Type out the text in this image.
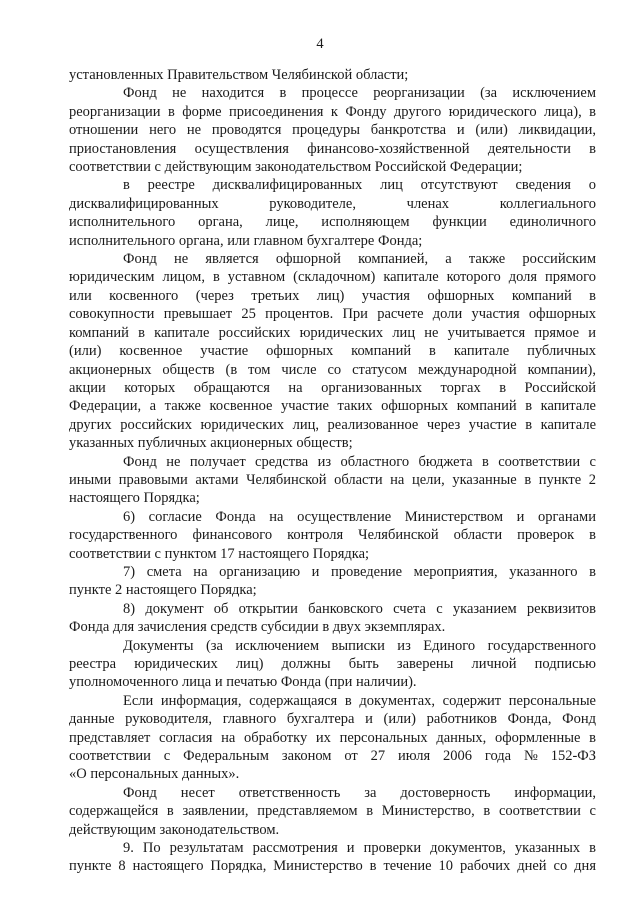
4
установленных Правительством Челябинской области;
Фонд не находится в процессе реорганизации (за исключением
реорганизации в форме присоединения к Фонду другого юридического лица), в
отношении него не проводятся процедуры банкротства и (или) ликвидации,
приостановления осуществления финансово-хозяйственной деятельности в
соответствии с действующим законодательством Российской Федерации;
в реестре дисквалифицированных лиц отсутствуют сведения о
дисквалифицированных руководителе, членах коллегиального
исполнительного органа, лице, исполняющем функции единоличного
исполнительного органа, или главном бухгалтере Фонда;
Фонд не является офшорной компанией, а также российским
юридическим лицом, в уставном (складочном) капитале которого доля прямого
или косвенного (через третьих лиц) участия офшорных компаний в
совокупности превышает 25 процентов. При расчете доли участия офшорных
компаний в капитале российских юридических лиц не учитывается прямое и
(или) косвенное участие офшорных компаний в капитале публичных
акционерных обществ (в том числе со статусом международной компании),
акции которых обращаются на организованных торгах в Российской
Федерации, а также косвенное участие таких офшорных компаний в капитале
других российских юридических лиц, реализованное через участие в капитале
указанных публичных акционерных обществ;
Фонд не получает средства из областного бюджета в соответствии с
иными правовыми актами Челябинской области на цели, указанные в пункте 2
настоящего Порядка;
6) согласие Фонда на осуществление Министерством и органами
государственного финансового контроля Челябинской области проверок в
соответствии с пунктом 17 настоящего Порядка;
7) смета на организацию и проведение мероприятия, указанного в
пункте 2 настоящего Порядка;
8) документ об открытии банковского счета с указанием реквизитов
Фонда для зачисления средств субсидии в двух экземплярах.
Документы (за исключением выписки из Единого государственного
реестра юридических лиц) должны быть заверены личной подписью
уполномоченного лица и печатью Фонда (при наличии).
Если информация, содержащаяся в документах, содержит персональные
данные руководителя, главного бухгалтера и (или) работников Фонда, Фонд
представляет согласия на обработку их персональных данных, оформленные в
соответствии с Федеральным законом от 27 июля 2006 года № 152-ФЗ
«О персональных данных».
Фонд несет ответственность за достоверность информации,
содержащейся в заявлении, представляемом в Министерство, в соответствии с
действующим законодательством.
9. По результатам рассмотрения и проверки документов, указанных в
пункте 8 настоящего Порядка, Министерство в течение 10 рабочих дней со дня
